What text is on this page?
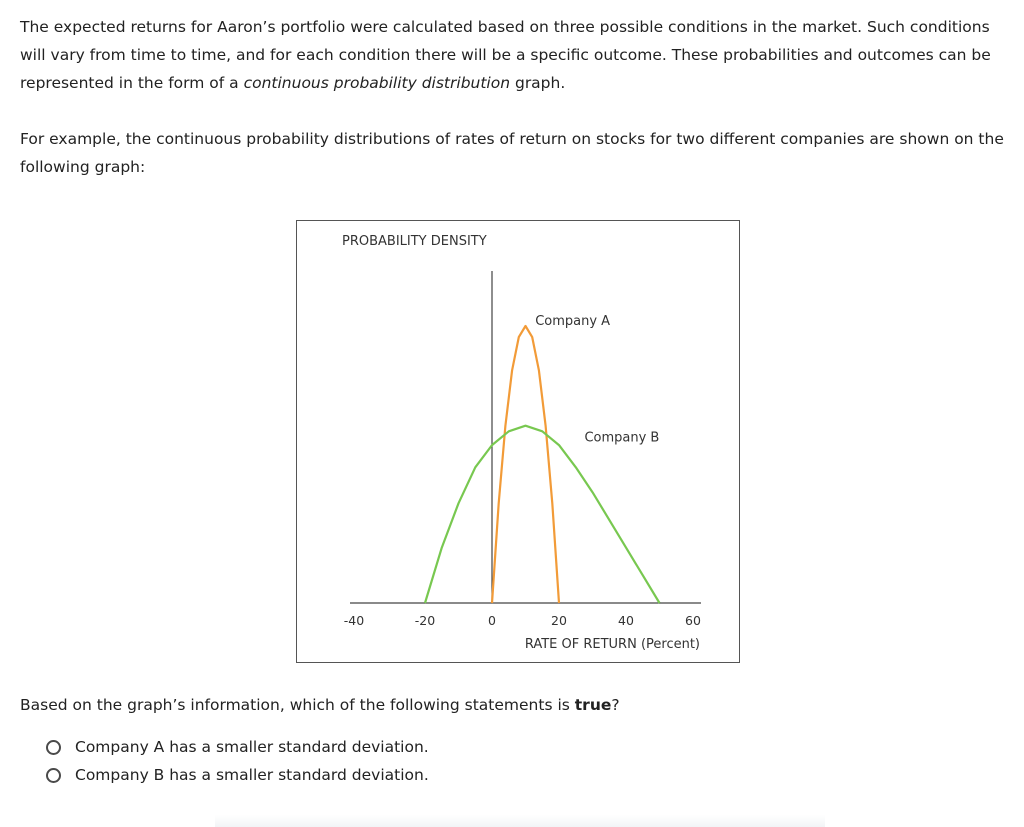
The expected returns for Aaron’s portfolio were calculated based on three possible conditions in the market. Such conditions will vary from time to time, and for each condition there will be a specific outcome. These probabilities and outcomes can be represented in the form of a continuous probability distribution graph.

For example, the continuous probability distributions of rates of return on stocks for two different companies are shown on the following graph:

PROBABILITY DENSITY
Company A
Company B
-40	-20	0	20	40	60
RATE OF RETURN (Percent)

Based on the graph’s information, which of the following statements is true?

Company A has a smaller standard deviation.
Company B has a smaller standard deviation.
